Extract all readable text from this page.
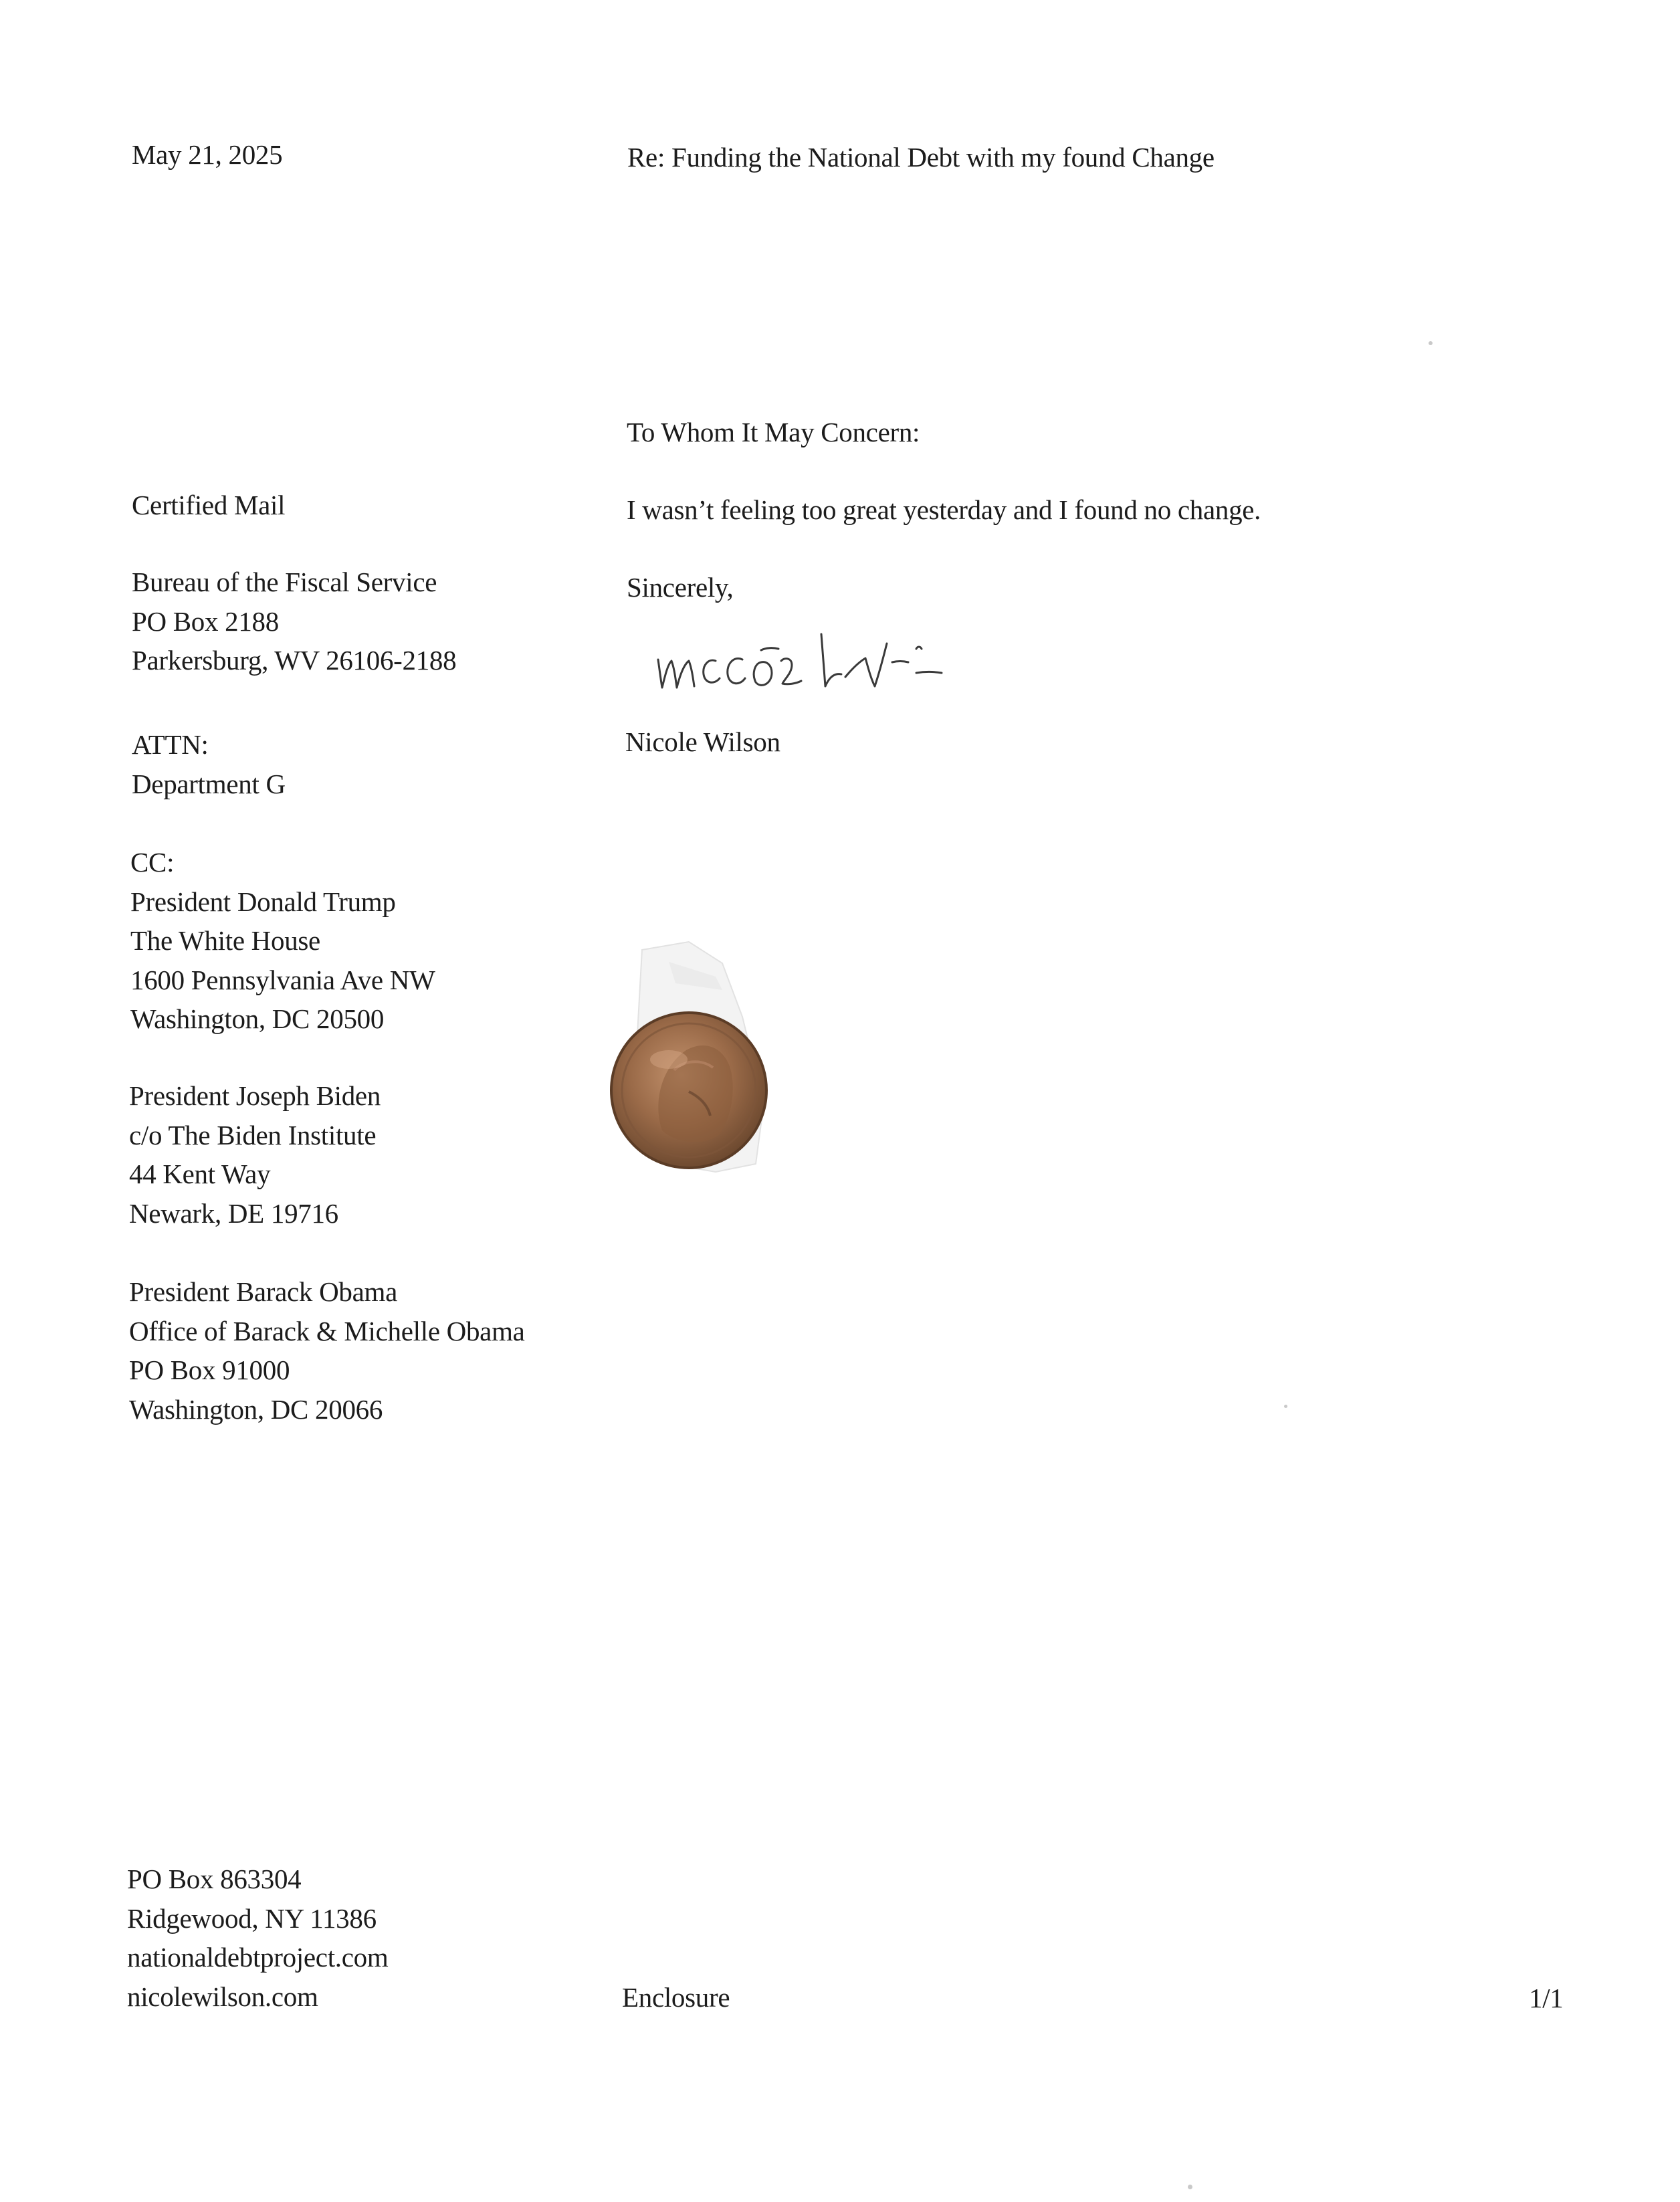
May 21, 2025	Re: Funding the National Debt with my found Change
To Whom It May Concern:
I wasn’t feeling too great yesterday and I found no change.
Sincerely,
Nicole Wilson
Certified Mail
Bureau of the Fiscal Service
PO Box 2188
Parkersburg, WV 26106-2188
ATTN:
Department G
CC:
President Donald Trump
The White House
1600 Pennsylvania Ave NW
Washington, DC 20500
President Joseph Biden
c/o The Biden Institute
44 Kent Way
Newark, DE 19716
President Barack Obama
Office of Barack & Michelle Obama
PO Box 91000
Washington, DC 20066
PO Box 863304
Ridgewood, NY 11386
nationaldebtproject.com
nicolewilson.com	Enclosure	1/1
